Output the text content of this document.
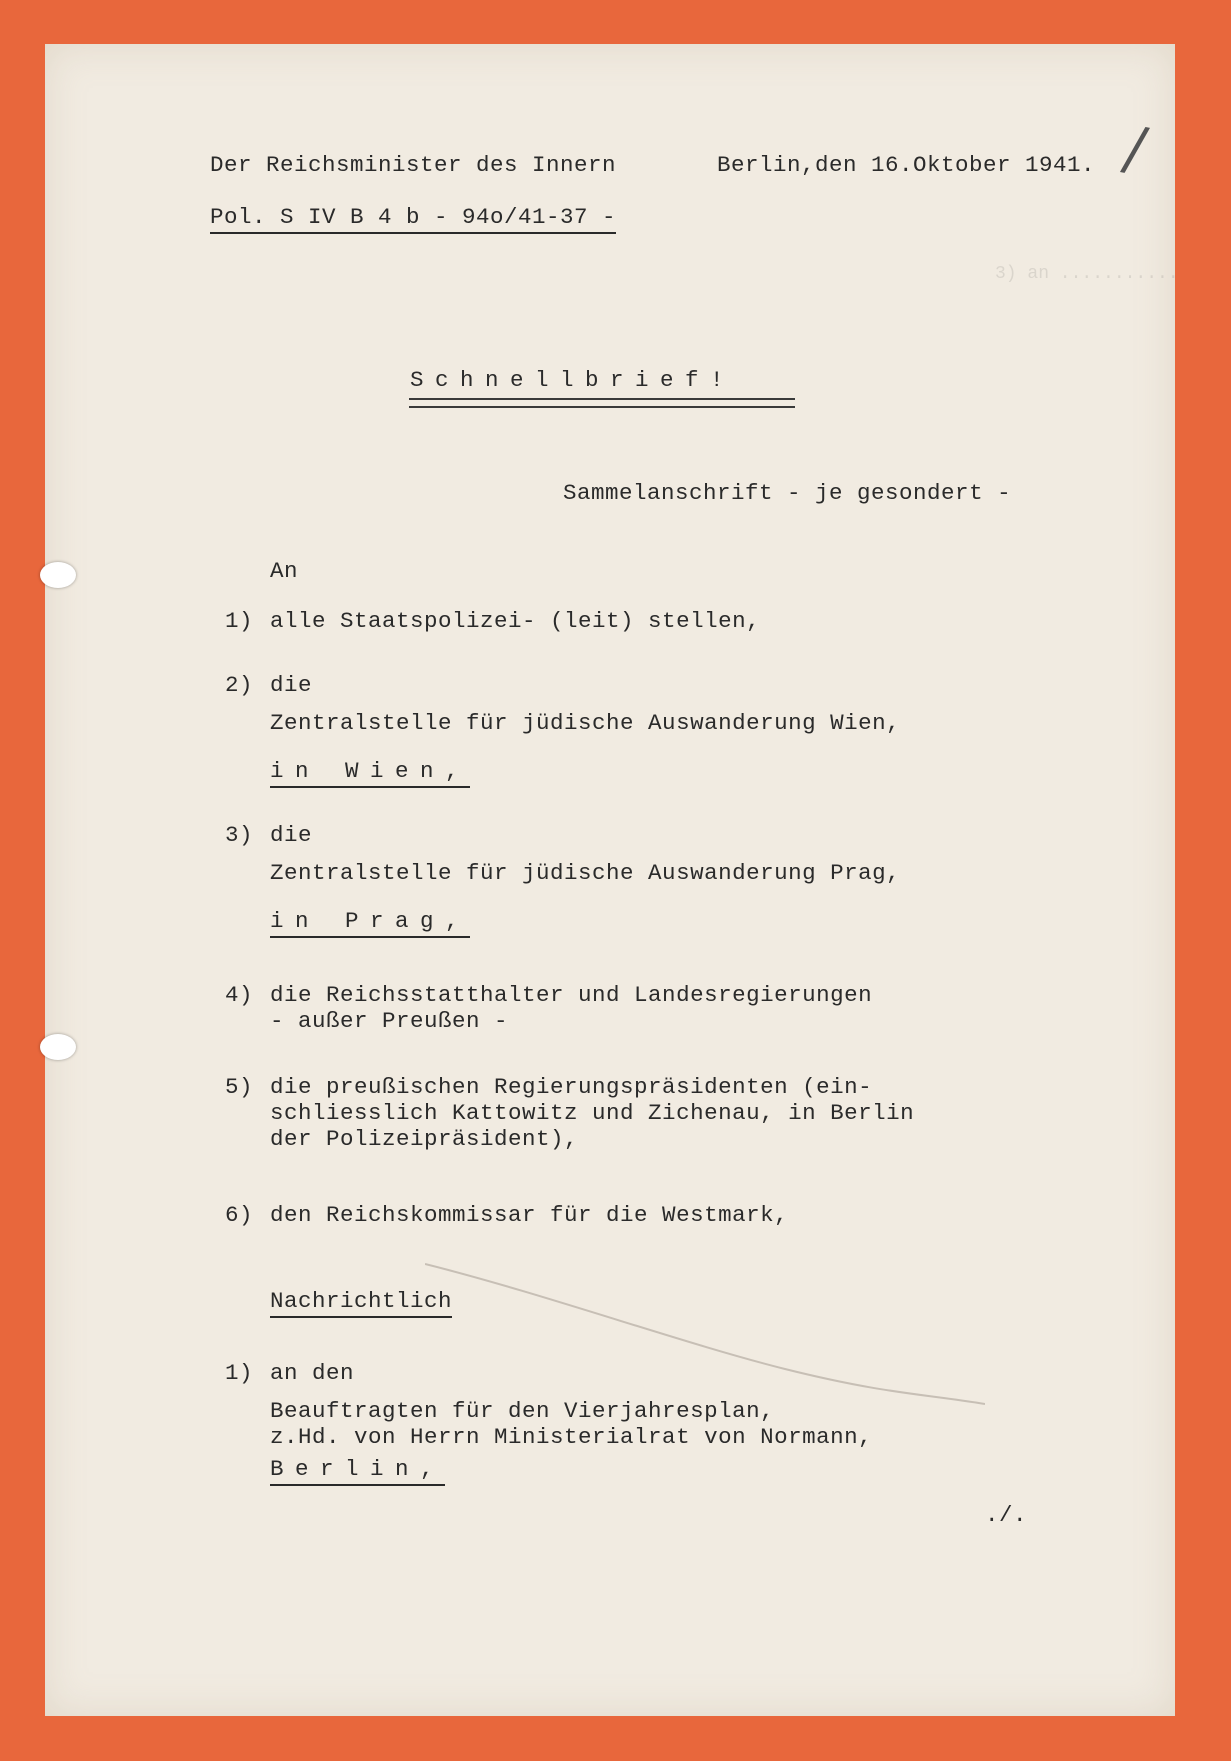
3) an ...........
/
Der Reichsminister des Innern	Berlin,den 16.Oktober 1941.
Pol. S IV B 4 b - 94o/41-37 -
Schnellbrief!
Sammelanschrift - je gesondert -
An
1) alle Staatspolizei- (leit) stellen,
2) die
Zentralstelle für jüdische Auswanderung Wien,
in Wien,
3) die
Zentralstelle für jüdische Auswanderung Prag,
in Prag,
4) die Reichsstatthalter und Landesregierungen
- außer Preußen -
5) die preußischen Regierungspräsidenten (ein-
schliesslich Kattowitz und Zichenau, in Berlin
der Polizeipräsident),
6) den Reichskommissar für die Westmark,
Nachrichtlich
1) an den
Beauftragten für den Vierjahresplan,
z.Hd. von Herrn Ministerialrat von Normann,
Berlin,
./.
